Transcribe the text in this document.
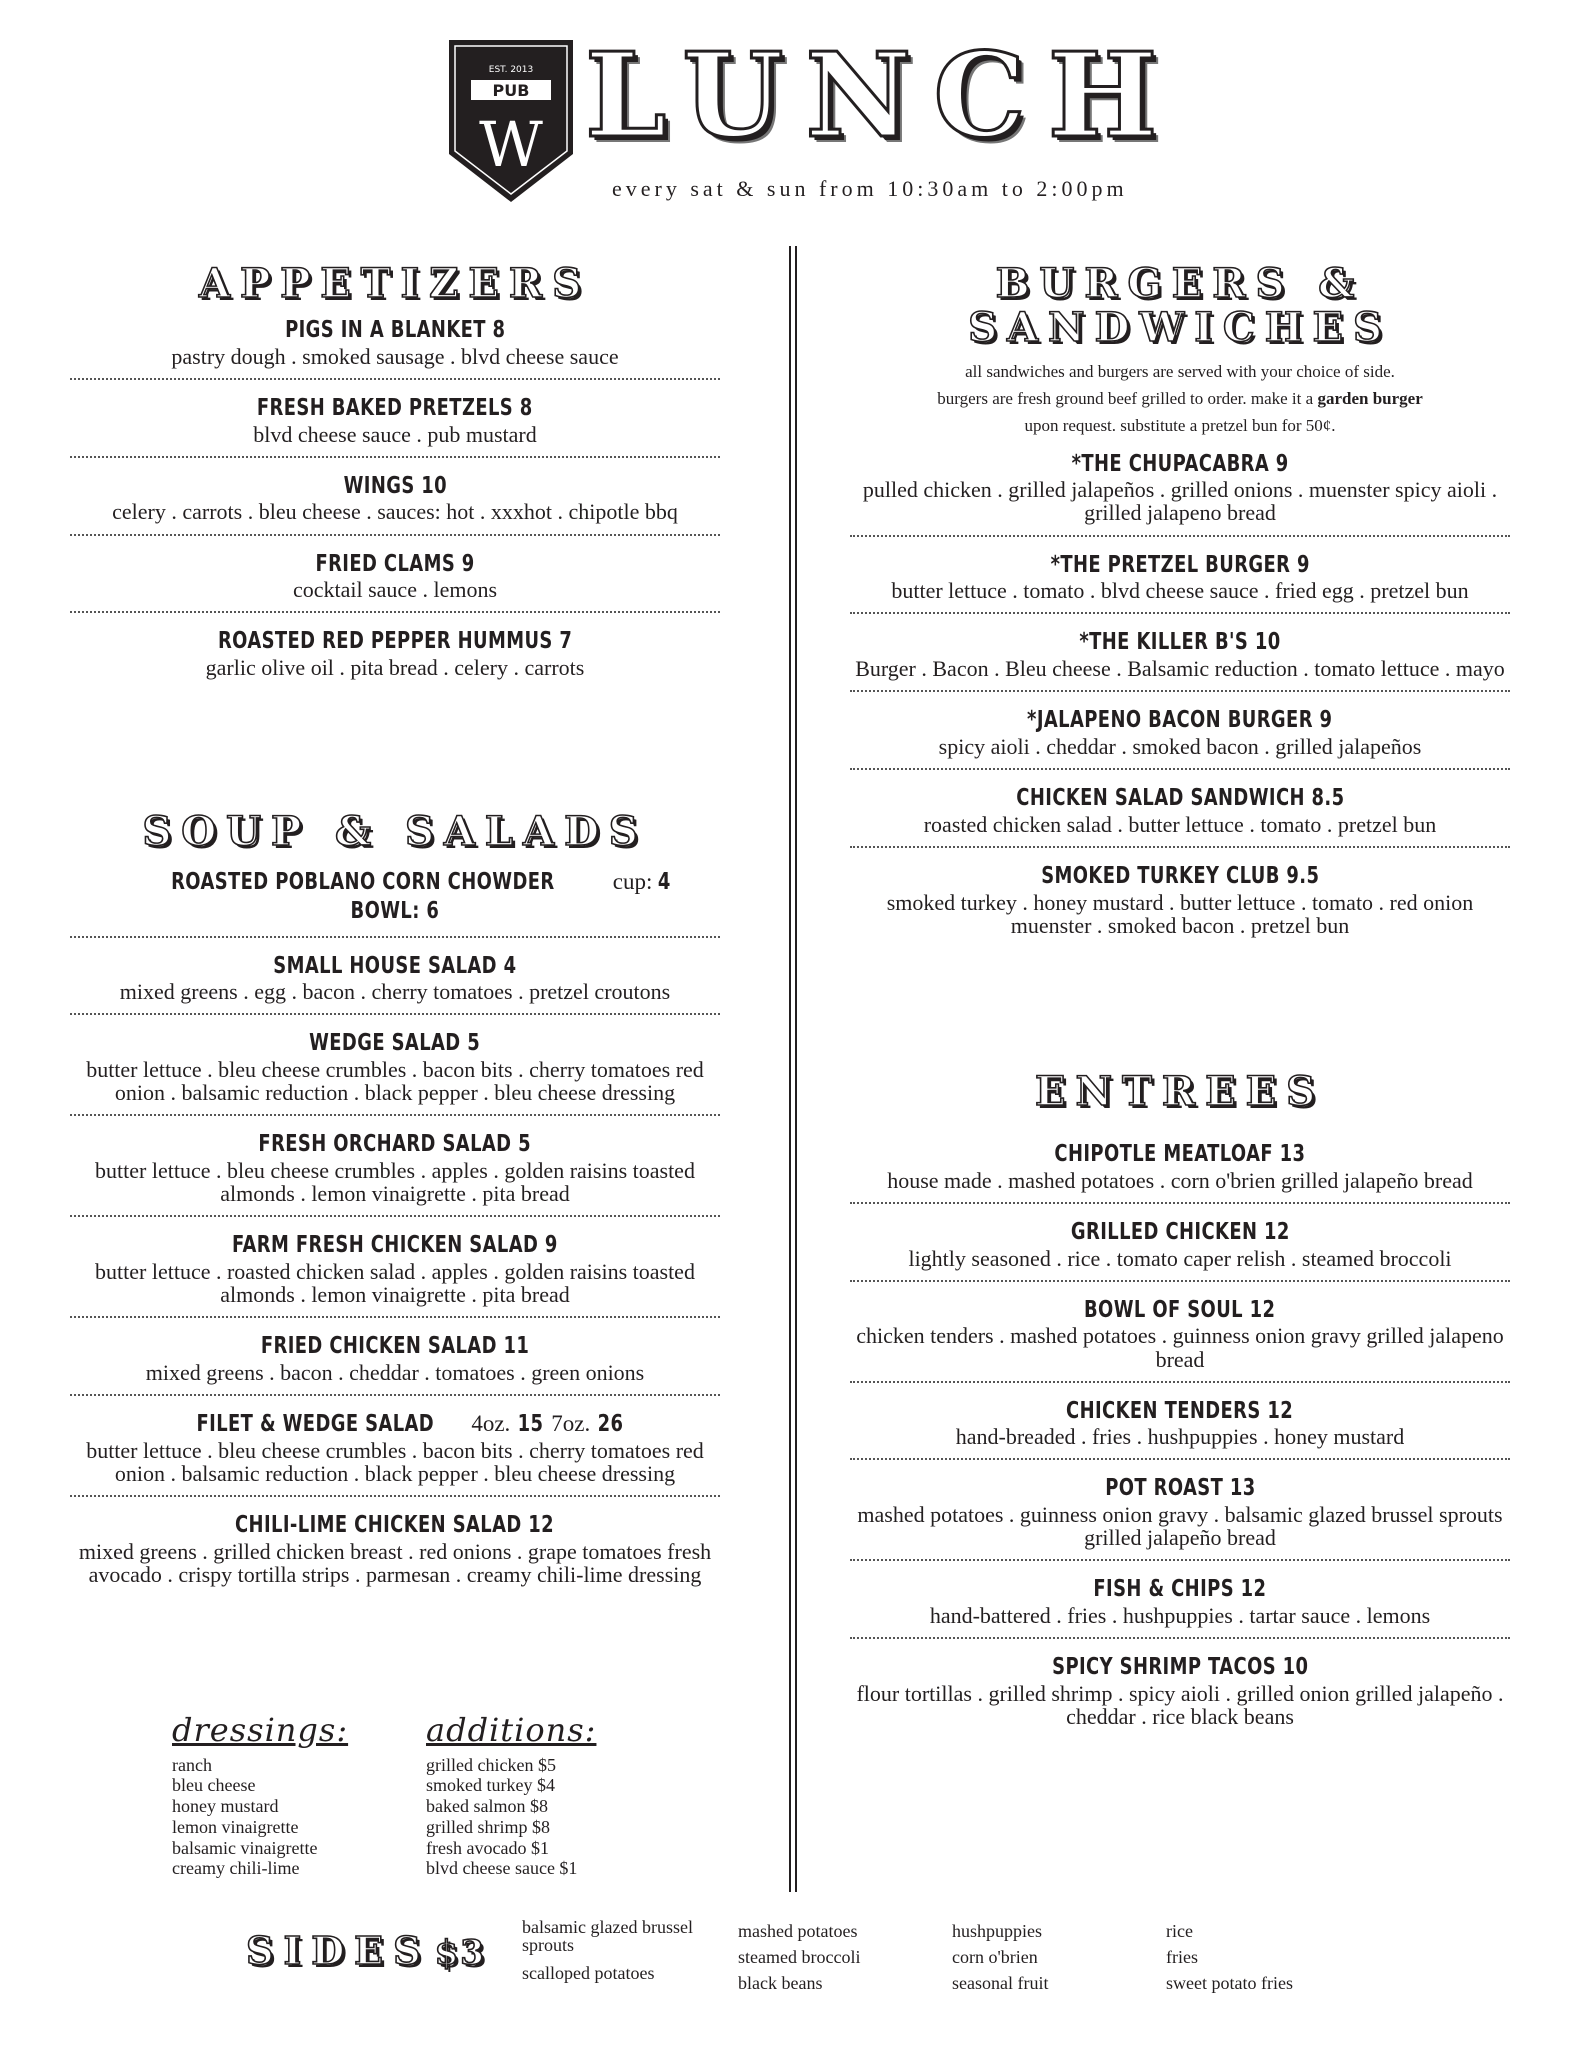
EST. 2013
PUB
W LUNCH
every sat & sun from 10:30am to 2:00pm
APPETIZERS
PIGS IN A BLANKET 8
pastry dough . smoked sausage . blvd cheese sauce
FRESH BAKED PRETZELS 8
blvd cheese sauce . pub mustard
WINGS 10
celery . carrots . bleu cheese . sauces: hot . xxxhot . chipotle bbq
FRIED CLAMS 9
cocktail sauce . lemons
ROASTED RED PEPPER HUMMUS 7
garlic olive oil . pita bread . celery . carrots
SOUP & SALADS
ROASTED POBLANO CORN CHOWDER	cup: 4 BOWL: 6
SMALL HOUSE SALAD 4
mixed greens . egg . bacon . cherry tomatoes . pretzel croutons
WEDGE SALAD 5
butter lettuce . bleu cheese crumbles . bacon bits . cherry tomatoes red onion . balsamic reduction . black pepper . bleu cheese dressing
FRESH ORCHARD SALAD 5
butter lettuce . bleu cheese crumbles . apples . golden raisins toasted almonds . lemon vinaigrette . pita bread
FARM FRESH CHICKEN SALAD 9
butter lettuce . roasted chicken salad . apples . golden raisins toasted almonds . lemon vinaigrette . pita bread
FRIED CHICKEN SALAD 11
mixed greens . bacon . cheddar . tomatoes . green onions
FILET & WEDGE SALAD 4oz. 15 7oz. 26
butter lettuce . bleu cheese crumbles . bacon bits . cherry tomatoes red onion . balsamic reduction . black pepper . bleu cheese dressing
CHILI-LIME CHICKEN SALAD 12
mixed greens . grilled chicken breast . red onions . grape tomatoes fresh avocado . crispy tortilla strips . parmesan . creamy chili-lime dressing
dressings:
ranch
bleu cheese
honey mustard
lemon vinaigrette
balsamic vinaigrette
creamy chili-lime
additions:
grilled chicken $5
smoked turkey $4
baked salmon $8
grilled shrimp $8
fresh avocado $1
blvd cheese sauce $1
BURGERS & SANDWICHES
all sandwiches and burgers are served with your choice of side.
burgers are fresh ground beef grilled to order. make it a garden burger
upon request. substitute a pretzel bun for 50¢.
*THE CHUPACABRA 9
pulled chicken . grilled jalapeños . grilled onions . muenster spicy aioli . grilled jalapeno bread
*THE PRETZEL BURGER 9
butter lettuce . tomato . blvd cheese sauce . fried egg . pretzel bun
*THE KILLER B'S 10
Burger . Bacon . Bleu cheese . Balsamic reduction . tomato lettuce . mayo
*JALAPENO BACON BURGER 9
spicy aioli . cheddar . smoked bacon . grilled jalapeños
CHICKEN SALAD SANDWICH 8.5
roasted chicken salad . butter lettuce . tomato . pretzel bun
SMOKED TURKEY CLUB 9.5
smoked turkey . honey mustard . butter lettuce . tomato . red onion muenster . smoked bacon . pretzel bun
ENTREES
CHIPOTLE MEATLOAF 13
house made . mashed potatoes . corn o'brien grilled jalapeño bread
GRILLED CHICKEN 12
lightly seasoned . rice . tomato caper relish . steamed broccoli
BOWL OF SOUL 12
chicken tenders . mashed potatoes . guinness onion gravy grilled jalapeno bread
CHICKEN TENDERS 12
hand-breaded . fries . hushpuppies . honey mustard
POT ROAST 13
mashed potatoes . guinness onion gravy . balsamic glazed brussel sprouts grilled jalapeño bread
FISH & CHIPS 12
hand-battered . fries . hushpuppies . tartar sauce . lemons
SPICY SHRIMP TACOS 10
flour tortillas . grilled shrimp . spicy aioli . grilled onion grilled jalapeño . cheddar . rice black beans
SIDES $3
balsamic glazed brussel sprouts
scalloped potatoes
mashed potatoes
steamed broccoli
black beans
hushpuppies
corn o'brien
seasonal fruit
rice
fries
sweet potato fries
